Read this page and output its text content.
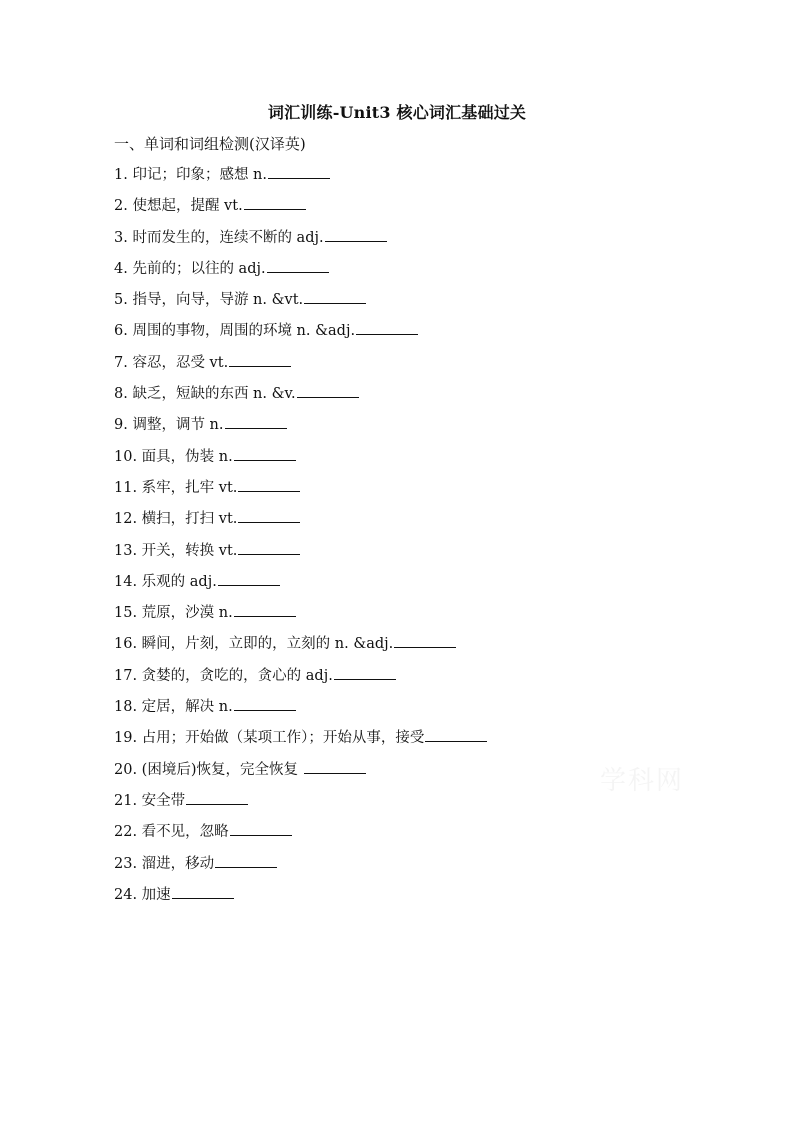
词汇训练-Unit3 核心词汇基础过关
一、单词和词组检测(汉译英)
1. 印记；印象；感想 n.
2. 使想起，提醒 vt.
3. 时而发生的，连续不断的 adj.
4. 先前的；以往的 adj.
5. 指导，向导，导游 n. &vt.
6. 周围的事物，周围的环境 n. &adj.
7. 容忍，忍受 vt.
8. 缺乏，短缺的东西 n. &v.
9. 调整，调节 n.
10. 面具，伪装 n.
11. 系牢，扎牢 vt.
12. 横扫，打扫 vt.
13. 开关，转换 vt.
14. 乐观的 adj.
15. 荒原，沙漠 n.
16. 瞬间，片刻，立即的，立刻的 n. &adj.
17. 贪婪的，贪吃的，贪心的 adj.
18. 定居，解决 n.
19. 占用；开始做（某项工作）；开始从事，接受
20. (困境后)恢复，完全恢复
21. 安全带
22. 看不见，忽略
23. 溜进，移动
24. 加速
学科网
